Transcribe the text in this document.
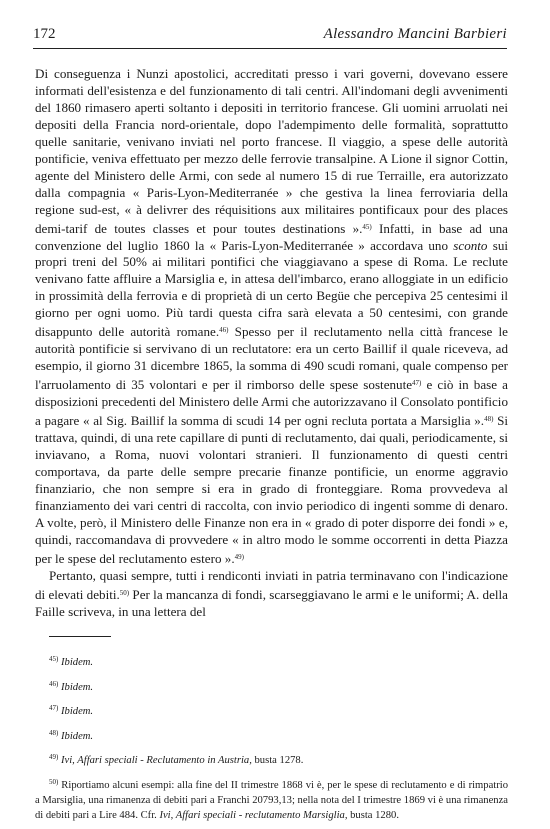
172	Alessandro Mancini Barbieri

Di conseguenza i Nunzi apostolici, accreditati presso i vari governi, dovevano essere informati dell'esistenza e del funzionamento di tali centri. All'indomani degli avvenimenti del 1860 rimasero aperti soltanto i depositi in territorio francese. Gli uomini arruolati nei depositi della Francia nord-orientale, dopo l'adempimento delle formalità, soprattutto quelle sanitarie, venivano inviati nel porto francese. Il viaggio, a spese delle autorità pontificie, veniva effettuato per mezzo delle ferrovie transalpine. A Lione il signor Cottin, agente del Ministero delle Armi, con sede al numero 15 di rue Terraille, era autorizzato dalla compagnia « Paris-Lyon-Mediterranée » che gestiva la linea ferroviaria della regione sud-est, « à delivrer des réquisitions aux militaires pontificaux pour des places demi-tarif de toutes classes et pour toutes destinations ».$^{45)}$ Infatti, in base ad una convenzione del luglio 1860 la « Paris-Lyon-Mediterranée » accordava uno sconto sui propri treni del 50% ai militari pontifici che viaggiavano a spese di Roma. Le reclute venivano fatte affluire a Marsiglia e, in attesa dell'imbarco, erano alloggiate in un edificio in prossimità della ferrovia e di proprietà di un certo Begüe che percepiva 25 centesimi il giorno per ogni uomo. Più tardi questa cifra sarà elevata a 50 centesimi, con grande disappunto delle autorità romane.$^{46)}$ Spesso per il reclutamento nella città francese le autorità pontificie si servivano di un reclutatore: era un certo Baillif il quale riceveva, ad esempio, il giorno 31 dicembre 1865, la somma di 490 scudi romani, quale compenso per l'arruolamento di 35 volontari e per il rimborso delle spese sostenute$^{47)}$ e ciò in base a disposizioni precedenti del Ministero delle Armi che autorizzavano il Consolato pontificio a pagare « al Sig. Baillif la somma di scudi 14 per ogni recluta portata a Marsiglia ».$^{48)}$ Si trattava, quindi, di una rete capillare di punti di reclutamento, dai quali, periodicamente, si inviavano, a Roma, nuovi volontari stranieri. Il funzionamento di questi centri comportava, da parte delle sempre precarie finanze pontificie, un enorme aggravio finanziario, che non sempre si era in grado di fronteggiare. Roma provvedeva al finanziamento dei vari centri di raccolta, con invio periodico di ingenti somme di denaro. A volte, però, il Ministero delle Finanze non era in « grado di poter disporre dei fondi » e, quindi, raccomandava di provvedere « in altro modo le somme occorrenti in detta Piazza per le spese del reclutamento estero ».$^{49)}$

Pertanto, quasi sempre, tutti i rendiconti inviati in patria terminavano con l'indicazione di elevati debiti.$^{50)}$ Per la mancanza di fondi, scarseggiavano le armi e le uniformi; A. della Faille scriveva, in una lettera del

$^{45)}$ Ibidem.

$^{46)}$ Ibidem.

$^{47)}$ Ibidem.

$^{48)}$ Ibidem.

$^{49)}$ Ivi, Affari speciali - Reclutamento in Austria, busta 1278.

$^{50)}$ Riportiamo alcuni esempi: alla fine del II trimestre 1868 vi è, per le spese di reclutamento e di rimpatrio a Marsiglia, una rimanenza di debiti pari a Franchi 20793,13; nella nota del I trimestre 1869 vi è una rimanenza di debiti pari a Lire 484. Cfr. Ivi, Affari speciali - reclutamento Marsiglia, busta 1280.
